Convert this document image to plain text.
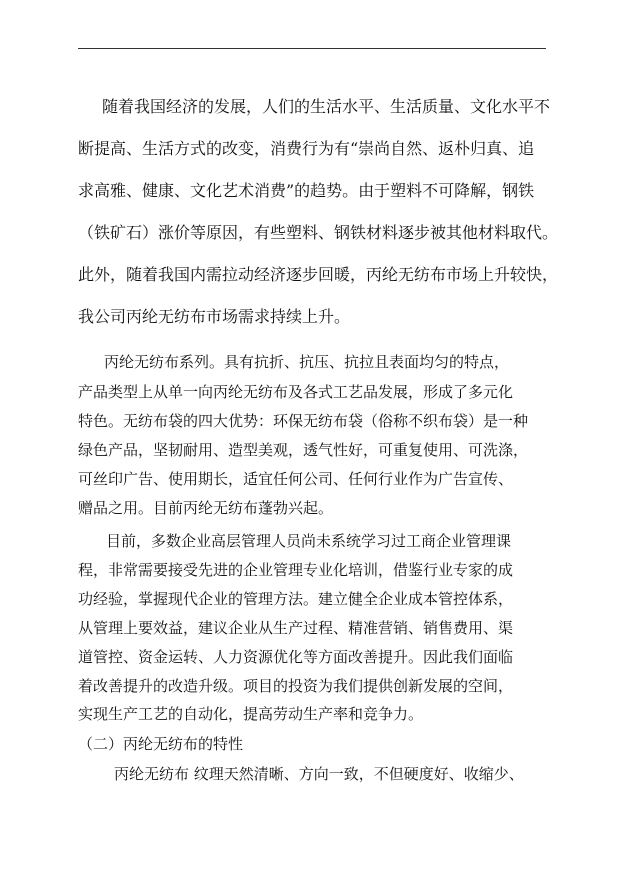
随着我国经济的发展，人们的生活水平、生活质量、文化水平不
断提高、生活方式的改变，消费行为有“崇尚自然、返朴归真、追
求高雅、健康、文化艺术消费”的趋势。由于塑料不可降解，钢铁
（铁矿石）涨价等原因，有些塑料、钢铁材料逐步被其他材料取代。
此外，随着我国内需拉动经济逐步回暖，丙纶无纺布市场上升较快，
我公司丙纶无纺布市场需求持续上升。
丙纶无纺布系列。具有抗折、抗压、抗拉且表面均匀的特点，
产品类型上从单一向丙纶无纺布及各式工艺品发展，形成了多元化
特色。无纺布袋的四大优势：环保无纺布袋（俗称不织布袋）是一种
绿色产品，坚韧耐用、造型美观，透气性好，可重复使用、可洗涤，
可丝印广告、使用期长，适宜任何公司、任何行业作为广告宣传、
赠品之用。目前丙纶无纺布蓬勃兴起。
目前，多数企业高层管理人员尚未系统学习过工商企业管理课
程，非常需要接受先进的企业管理专业化培训，借鉴行业专家的成
功经验，掌握现代企业的管理方法。建立健全企业成本管控体系，
从管理上要效益，建议企业从生产过程、精准营销、销售费用、渠
道管控、资金运转、人力资源优化等方面改善提升。因此我们面临
着改善提升的改造升级。项目的投资为我们提供创新发展的空间，
实现生产工艺的自动化，提高劳动生产率和竞争力。
（二）丙纶无纺布的特性
丙纶无纺布 纹理天然清晰、方向一致，不但硬度好、收缩少、
